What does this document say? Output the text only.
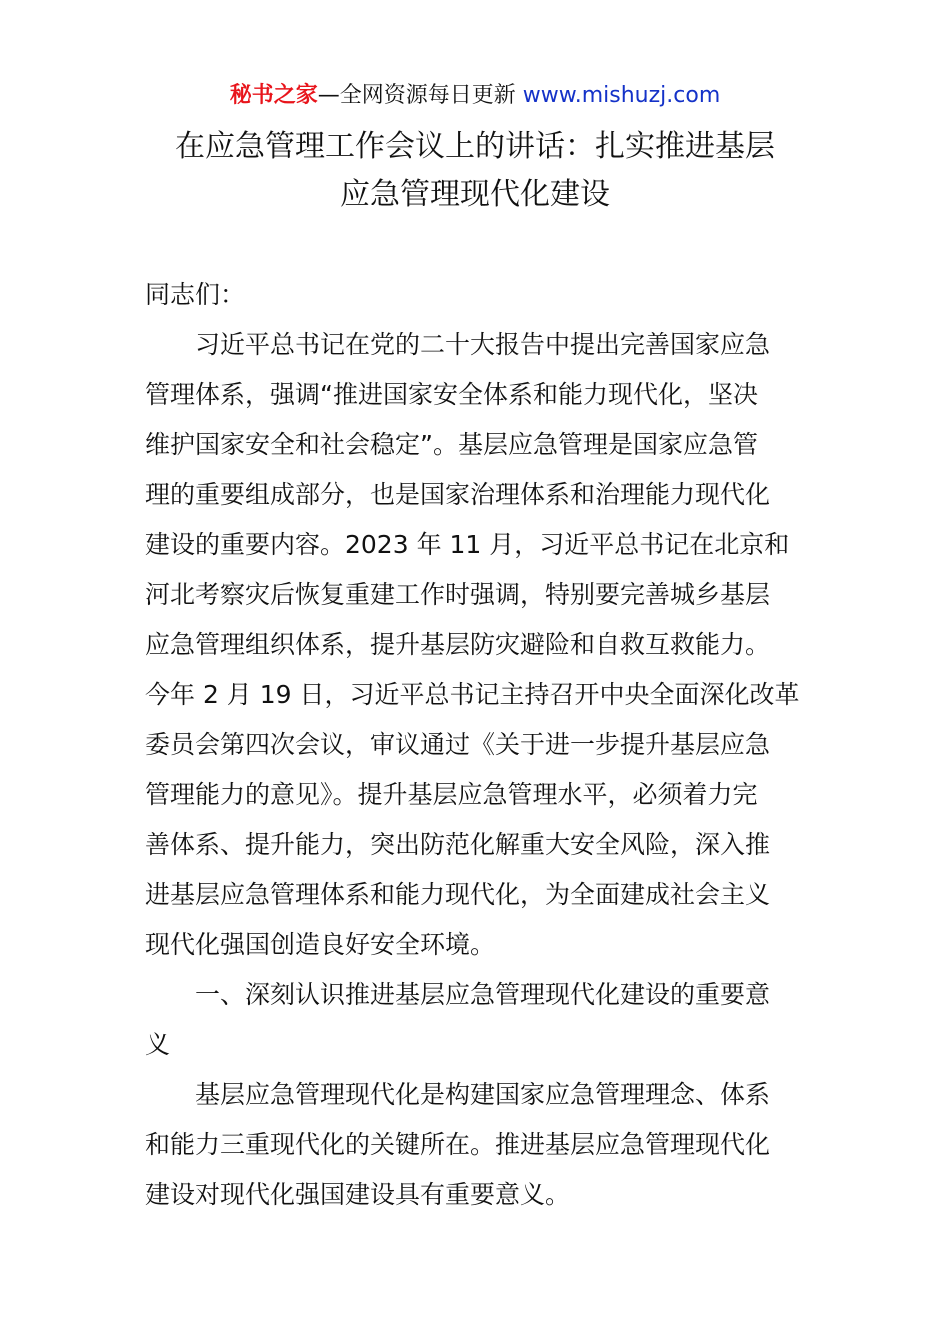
秘书之家—全网资源每日更新 www.mishuzj.com
在应急管理工作会议上的讲话：扎实推进基层
应急管理现代化建设
同志们：
　　习近平总书记在党的二十大报告中提出完善国家应急
管理体系，强调“推进国家安全体系和能力现代化，坚决
维护国家安全和社会稳定”。基层应急管理是国家应急管
理的重要组成部分，也是国家治理体系和治理能力现代化
建设的重要内容。2023 年 11 月，习近平总书记在北京和
河北考察灾后恢复重建工作时强调，特别要完善城乡基层
应急管理组织体系，提升基层防灾避险和自救互救能力。
今年 2 月 19 日，习近平总书记主持召开中央全面深化改革
委员会第四次会议，审议通过《关于进一步提升基层应急
管理能力的意见》。提升基层应急管理水平，必须着力完
善体系、提升能力，突出防范化解重大安全风险，深入推
进基层应急管理体系和能力现代化，为全面建成社会主义
现代化强国创造良好安全环境。
　　一、深刻认识推进基层应急管理现代化建设的重要意
义
　　基层应急管理现代化是构建国家应急管理理念、体系
和能力三重现代化的关键所在。推进基层应急管理现代化
建设对现代化强国建设具有重要意义。
